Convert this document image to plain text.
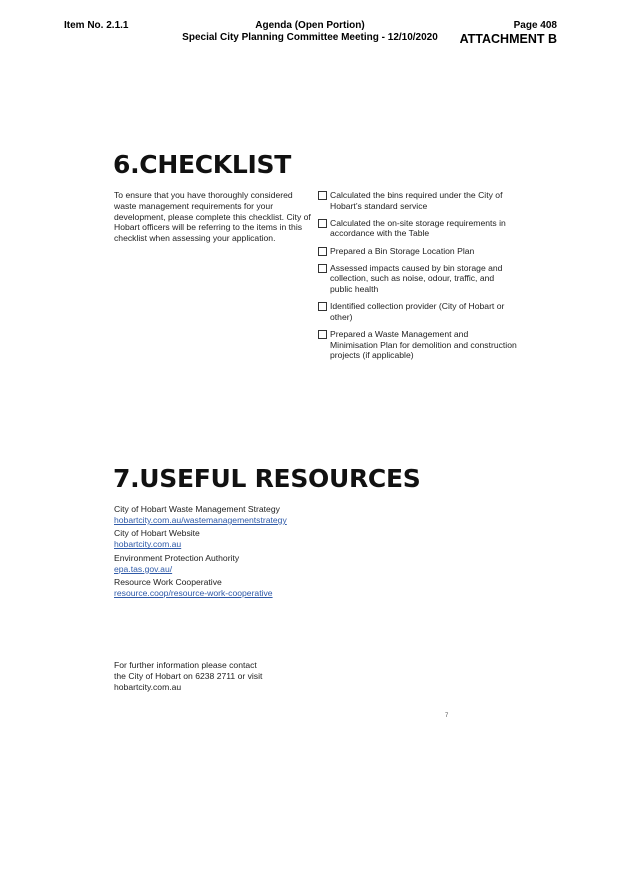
Item No. 2.1.1	Agenda (Open Portion)
Special City Planning Committee Meeting - 12/10/2020
Page 408
ATTACHMENT B
6.CHECKLIST
To ensure that you have thoroughly considered waste management requirements for your development, please complete this checklist. City of Hobart officers will be referring to the items in this checklist when assessing your application.
Calculated the bins required under the City of Hobart’s standard service
Calculated the on-site storage requirements in accordance with the Table
Prepared a Bin Storage Location Plan
Assessed impacts caused by bin storage and collection, such as noise, odour, traffic, and public health
Identified collection provider (City of Hobart or other)
Prepared a Waste Management and Minimisation Plan for demolition and construction projects (if applicable)
7.USEFUL RESOURCES
City of Hobart Waste Management Strategy
hobartcity.com.au/wastemanagementstrategy
City of Hobart Website
hobartcity.com.au
Environment Protection Authority
epa.tas.gov.au/
Resource Work Cooperative
resource.coop/resource-work-cooperative
For further information please contact
the City of Hobart on 6238 2711 or visit
hobartcity.com.au
7
